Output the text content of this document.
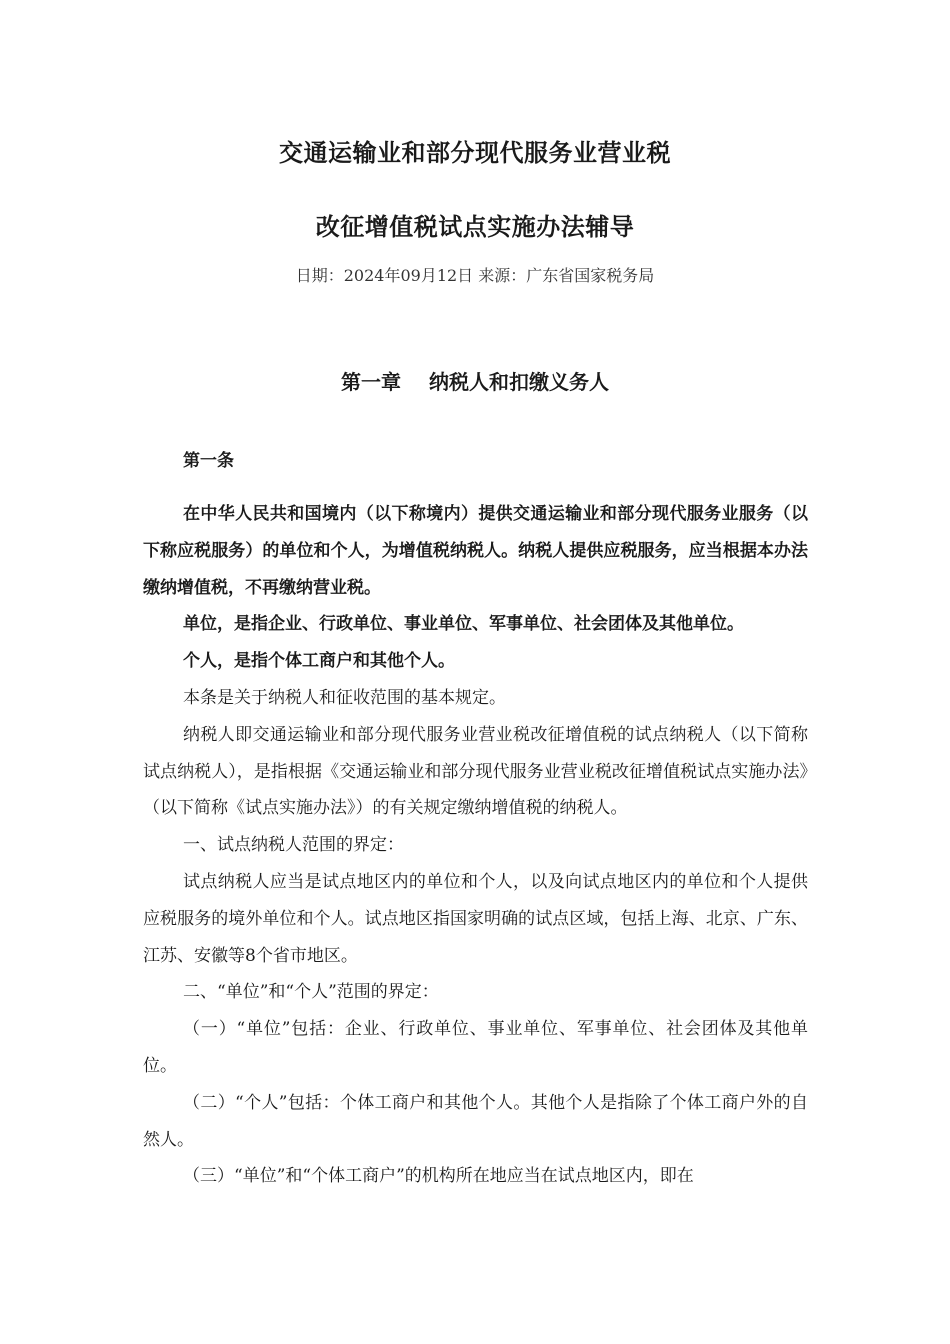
交通运输业和部分现代服务业营业税
改征增值税试点实施办法辅导
日期：2024年09月12日 来源：广东省国家税务局
第一章 纳税人和扣缴义务人
第一条

在中华人民共和国境内（以下称境内）提供交通运输业和部分现代服务业服务（以下称应税服务）的单位和个人，为增值税纳税人。纳税人提供应税服务，应当根据本办法缴纳增值税，不再缴纳营业税。

单位，是指企业、行政单位、事业单位、军事单位、社会团体及其他单位。

个人，是指个体工商户和其他个人。

本条是关于纳税人和征收范围的基本规定。

纳税人即交通运输业和部分现代服务业营业税改征增值税的试点纳税人（以下简称试点纳税人），是指根据《交通运输业和部分现代服务业营业税改征增值税试点实施办法》（以下简称《试点实施办法》）的有关规定缴纳增值税的纳税人。

一、试点纳税人范围的界定：

试点纳税人应当是试点地区内的单位和个人，以及向试点地区内的单位和个人提供应税服务的境外单位和个人。试点地区指国家明确的试点区域，包括上海、北京、广东、江苏、安徽等8个省市地区。

二、“单位”和“个人”范围的界定：

（一）“单位”包括：企业、行政单位、事业单位、军事单位、社会团体及其他单位。

（二）“个人”包括：个体工商户和其他个人。其他个人是指除了个体工商户外的自然人。

（三）“单位”和“个体工商户”的机构所在地应当在试点地区内，即在
